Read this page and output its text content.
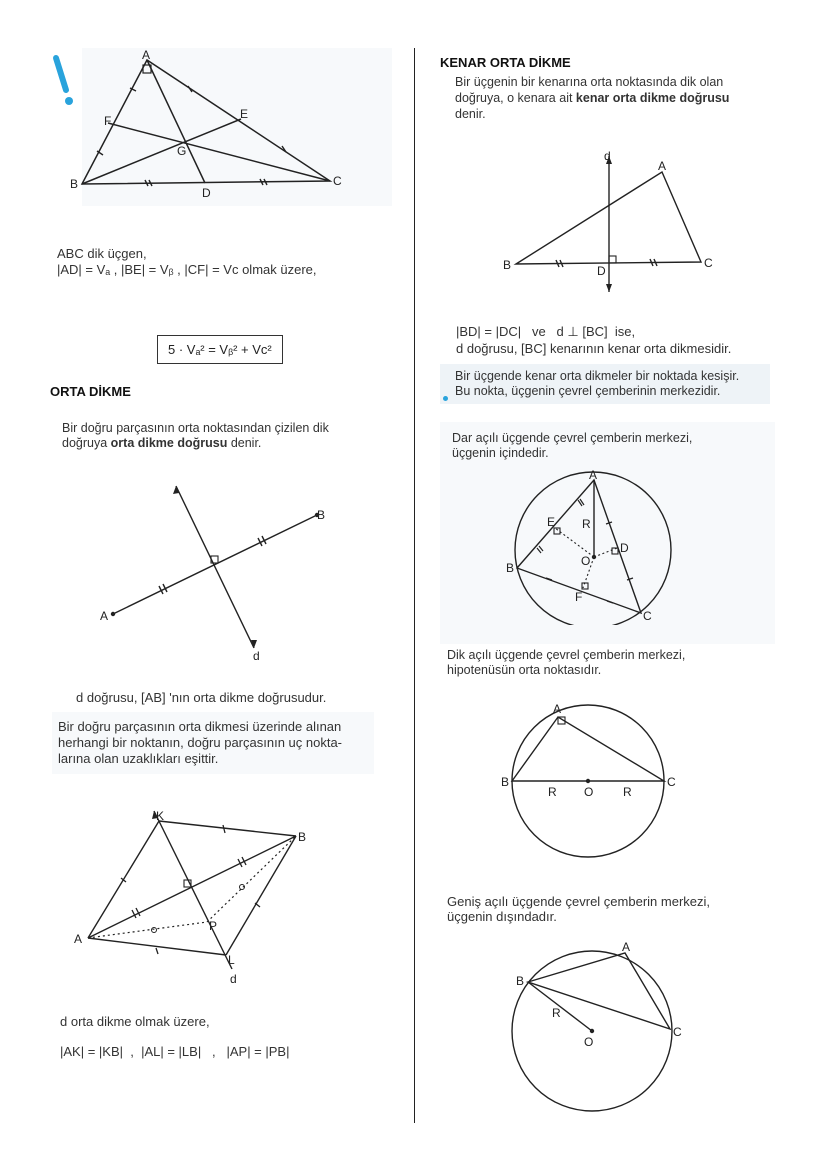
A
B	C
D
E
F
G
ABC dik üçgen,
|AD| = Vₐ , |BE| = Vᵦ , |CF| = Vᴄ olmak üzere,
5 · Vₐ² = Vᵦ² + Vᴄ²
ORTA DİKME
Bir doğru parçasının orta noktasından çizilen dik doğruya orta dikme doğrusu denir.
A
B
d
d doğrusu, [AB] 'nın orta dikme doğrusudur.
Bir doğru parçasının orta dikmesi üzerinde alınan
herhangi bir noktanın, doğru parçasının uç nokta-
larına olan uzaklıkları eşittir.
K
B
A
P
L
d
d orta dikme olmak üzere,
|AK| = |KB|  ,  |AL| = |LB|   ,   |AP| = |PB|
KENAR ORTA DİKME
Bir üçgenin bir kenarına orta noktasında dik olan
doğruya, o kenara ait kenar orta dikme doğrusu
denir.
d
A
B	C
D
|BD| = |DC|   ve   d ⊥ [BC]  ise,
d doğrusu, [BC] kenarının kenar orta dikmesidir.
Bir üçgende kenar orta dikmeler bir noktada kesişir.
Bu nokta, üçgenin çevrel çemberinin merkezidir.
Dar açılı üçgende çevrel çemberin merkezi,
üçgenin içindedir.
A
B
C
D
E
F
O
R
Dik açılı üçgende çevrel çemberin merkezi,
hipotenüsün orta noktasıdır.
A
B	C
O
R	R
Geniş açılı üçgende çevrel çemberin merkezi,
üçgenin dışındadır.
A
B
C
O
R
